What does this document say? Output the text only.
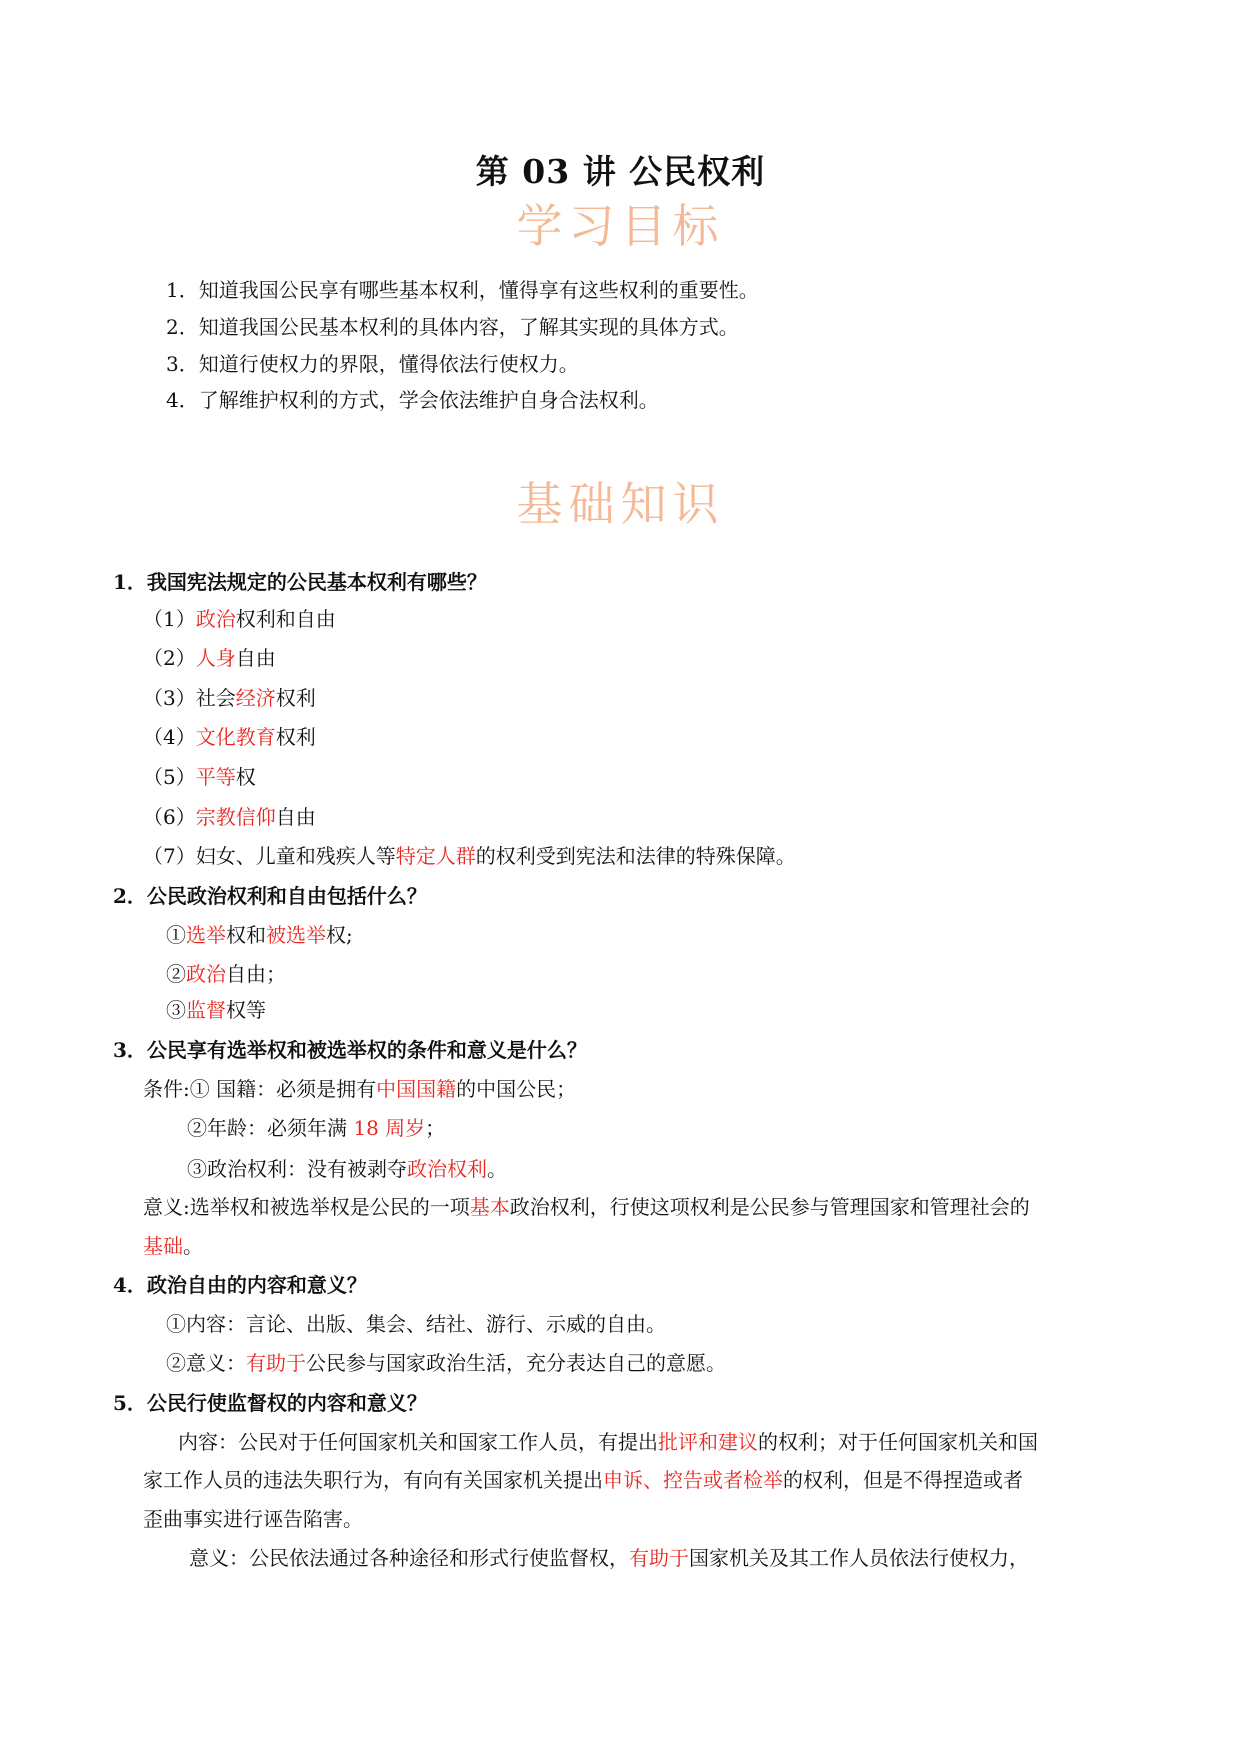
第 03 讲 公民权利
学习目标
1．知道我国公民享有哪些基本权利，懂得享有这些权利的重要性。
2．知道我国公民基本权利的具体内容，了解其实现的具体方式。
3．知道行使权力的界限，懂得依法行使权力。
4．了解维护权利的方式，学会依法维护自身合法权利。
基础知识
1．我国宪法规定的公民基本权利有哪些？
（1）政治权利和自由
（2）人身自由
（3）社会经济权利
（4）文化教育权利
（5）平等权
（6）宗教信仰自由
（7）妇女、儿童和残疾人等特定人群的权利受到宪法和法律的特殊保障。
2．公民政治权利和自由包括什么？
①选举权和被选举权;
②政治自由；
③监督权等
3．公民享有选举权和被选举权的条件和意义是什么？
条件:① 国籍：必须是拥有中国国籍的中国公民；
②年龄：必须年满 18 周岁；
③政治权利：没有被剥夺政治权利。
意义:选举权和被选举权是公民的一项基本政治权利，行使这项权利是公民参与管理国家和管理社会的
基础。
4．政治自由的内容和意义？
①内容：言论、出版、集会、结社、游行、示威的自由。
②意义：有助于公民参与国家政治生活，充分表达自己的意愿。
5．公民行使监督权的内容和意义？
内容：公民对于任何国家机关和国家工作人员，有提出批评和建议的权利；对于任何国家机关和国
家工作人员的违法失职行为，有向有关国家机关提出申诉、控告或者检举的权利，但是不得捏造或者
歪曲事实进行诬告陷害。
意义：公民依法通过各种途径和形式行使监督权，有助于国家机关及其工作人员依法行使权力，
